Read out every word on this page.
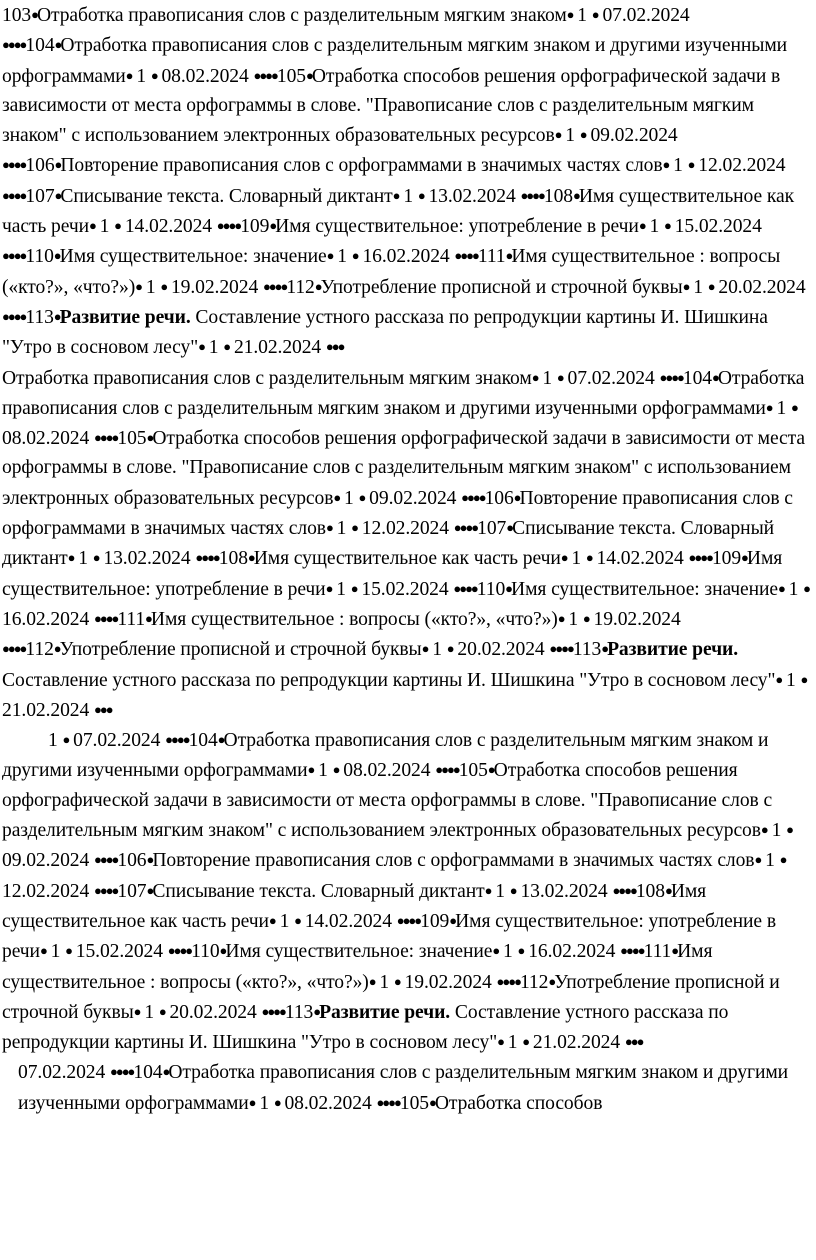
103●Отработка правописания слов с разделительным мягким знаком● 1 ● 07.02.2024 ●●●●104●Отработка правописания слов с разделительным мягким знаком и другими изученными орфограммами● 1 ● 08.02.2024 ●●●●105●Отработка способов решения орфографической задачи в зависимости от места орфограммы в слове. "Правописание слов с разделительным мягким знаком" с использованием электронных образовательных ресурсов● 1 ● 09.02.2024 ●●●●106●Повторение правописания слов с орфограммами в значимых частях слов● 1 ● 12.02.2024 ●●●●107●Списывание текста. Словарный диктант● 1 ● 13.02.2024 ●●●●108●Имя существительное как часть речи● 1 ● 14.02.2024 ●●●●109●Имя существительное: употребление в речи● 1 ● 15.02.2024 ●●●●110●Имя существительное: значение● 1 ● 16.02.2024 ●●●●111●Имя существительное : вопросы («кто?», «что?»)● 1 ● 19.02.2024 ●●●●112●Употребление прописной и строчной буквы● 1 ● 20.02.2024 ●●●●113●Развитие речи. Составление устного рассказа по репродукции картины И. Шишкина "Утро в сосновом лесу"● 1 ● 21.02.2024 ●●●

Отработка правописания слов с разделительным мягким знаком● 1 ● 07.02.2024 ●●●●104●Отработка правописания слов с разделительным мягким знаком и другими изученными орфограммами● 1 ● 08.02.2024 ●●●●105●Отработка способов решения орфографической задачи в зависимости от места орфограммы в слове. "Правописание слов с разделительным мягким знаком" с использованием электронных образовательных ресурсов● 1 ● 09.02.2024 ●●●●106●Повторение правописания слов с орфограммами в значимых частях слов● 1 ● 12.02.2024 ●●●●107●Списывание текста. Словарный диктант● 1 ● 13.02.2024 ●●●●108●Имя существительное как часть речи● 1 ● 14.02.2024 ●●●●109●Имя существительное: употребление в речи● 1 ● 15.02.2024 ●●●●110●Имя существительное: значение● 1 ● 16.02.2024 ●●●●111●Имя существительное : вопросы («кто?», «что?»)● 1 ● 19.02.2024 ●●●●112●Употребление прописной и строчной буквы● 1 ● 20.02.2024 ●●●●113●Развитие речи. Составление устного рассказа по репродукции картины И. Шишкина "Утро в сосновом лесу"● 1 ● 21.02.2024 ●●●

1 ● 07.02.2024 ●●●●104●Отработка правописания слов с разделительным мягким знаком и другими изученными орфограммами● 1 ● 08.02.2024 ●●●●105●Отработка способов решения орфографической задачи в зависимости от места орфограммы в слове. "Правописание слов с разделительным мягким знаком" с использованием электронных образовательных ресурсов● 1 ● 09.02.2024 ●●●●106●Повторение правописания слов с орфограммами в значимых частях слов● 1 ● 12.02.2024 ●●●●107●Списывание текста. Словарный диктант● 1 ● 13.02.2024 ●●●●108●Имя существительное как часть речи● 1 ● 14.02.2024 ●●●●109●Имя существительное: употребление в речи● 1 ● 15.02.2024 ●●●●110●Имя существительное: значение● 1 ● 16.02.2024 ●●●●111●Имя существительное : вопросы («кто?», «что?»)● 1 ● 19.02.2024 ●●●●112●Употребление прописной и строчной буквы● 1 ● 20.02.2024 ●●●●113●Развитие речи. Составление устного рассказа по репродукции картины И. Шишкина "Утро в сосновом лесу"● 1 ● 21.02.2024 ●●●

07.02.2024 ●●●●104●Отработка правописания слов с разделительным мягким знаком и другими изученными орфограммами● 1 ● 08.02.2024 ●●●●105●Отработка способов
